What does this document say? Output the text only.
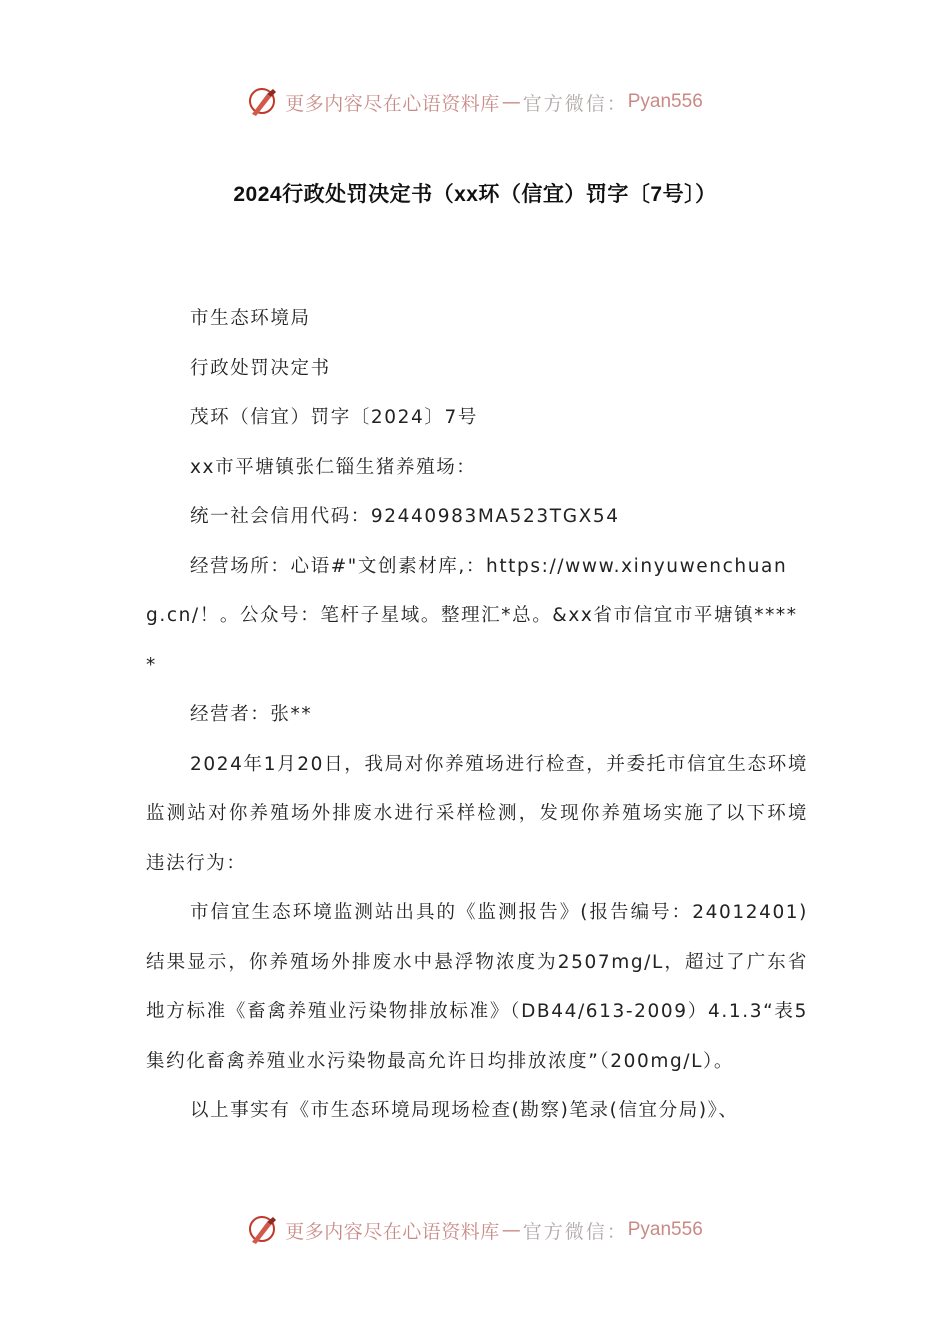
更多内容尽在心语资料库 — 官方微信： Pyan556
2024行政处罚决定书（xx环（信宜）罚字〔7号〕）

市生态环境局

行政处罚决定书

茂环（信宜）罚字〔2024〕7号

xx市平塘镇张仁锱生猪养殖场：

统一社会信用代码：92440983MA523TGX54

经营场所：心语#"文创素材库,：https://www.xinyuwenchuang.cn/！。公众号：笔杆子星域。整理汇*总。&xx省市信宜市平塘镇*****

经营者：张**

2024年1月20日，我局对你养殖场进行检查，并委托市信宜生态环境监测站对你养殖场外排废水进行采样检测，发现你养殖场实施了以下环境违法行为：

市信宜生态环境监测站出具的《监测报告》(报告编号：24012401)结果显示，你养殖场外排废水中悬浮物浓度为2507mg/L，超过了广东省地方标准《畜禽养殖业污染物排放标准》（DB44/613-2009）4.1.3“表5集约化畜禽养殖业水污染物最高允许日均排放浓度”（200mg/L）。

以上事实有《市生态环境局现场检查(勘察)笔录(信宜分局)》、

更多内容尽在心语资料库 — 官方微信： Pyan556
